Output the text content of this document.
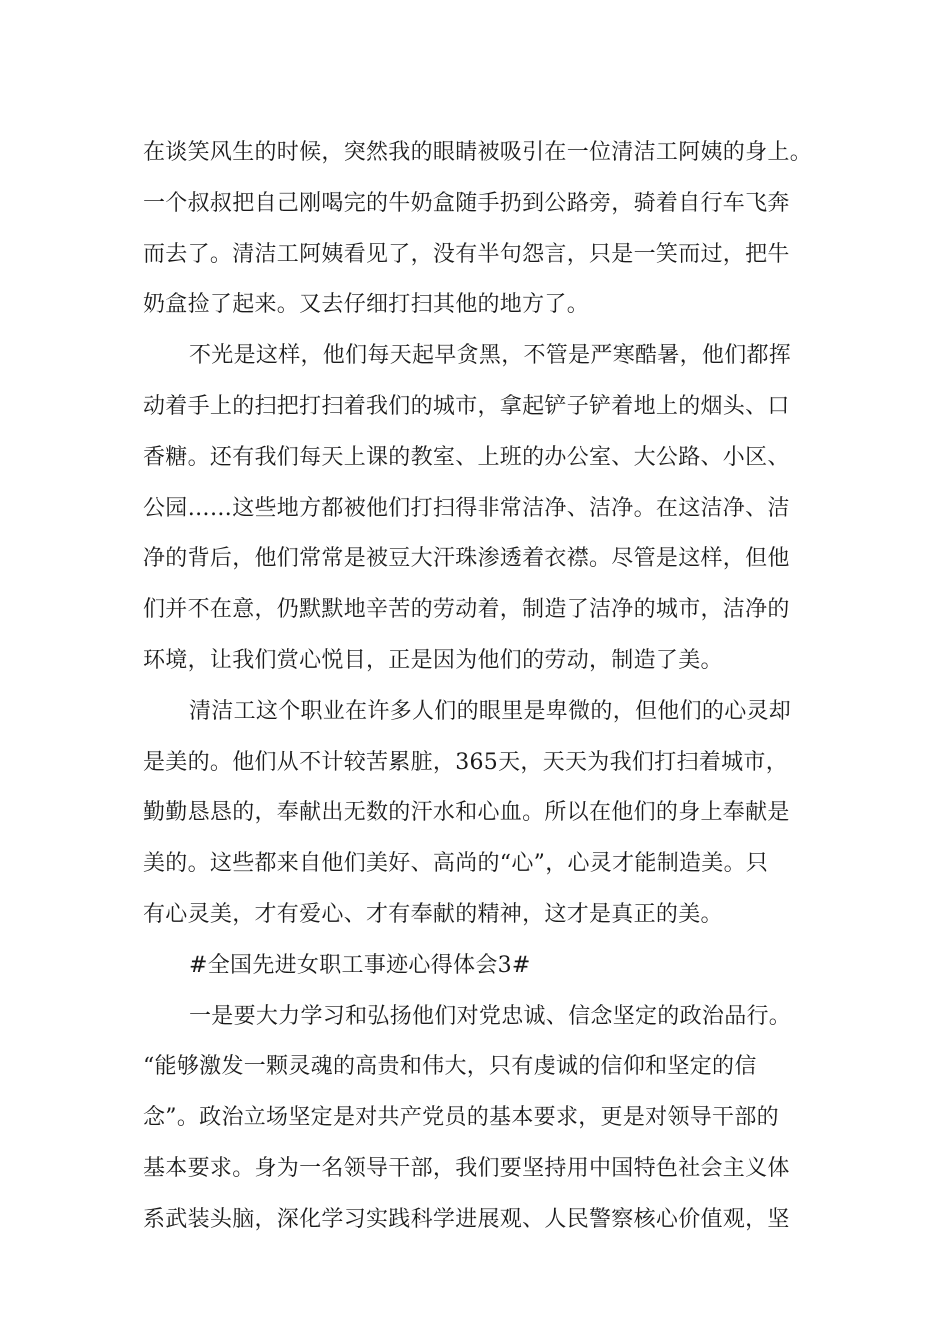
在谈笑风生的时候，突然我的眼睛被吸引在一位清洁工阿姨的身上。
一个叔叔把自己刚喝完的牛奶盒随手扔到公路旁，骑着自行车飞奔
而去了。清洁工阿姨看见了，没有半句怨言，只是一笑而过，把牛
奶盒捡了起来。又去仔细打扫其他的地方了。
不光是这样，他们每天起早贪黑，不管是严寒酷暑，他们都挥
动着手上的扫把打扫着我们的城市，拿起铲子铲着地上的烟头、口
香糖。还有我们每天上课的教室、上班的办公室、大公路、小区、
公园……这些地方都被他们打扫得非常洁净、洁净。在这洁净、洁
净的背后，他们常常是被豆大汗珠渗透着衣襟。尽管是这样，但他
们并不在意，仍默默地辛苦的劳动着，制造了洁净的城市，洁净的
环境，让我们赏心悦目，正是因为他们的劳动，制造了美。
清洁工这个职业在许多人们的眼里是卑微的，但他们的心灵却
是美的。他们从不计较苦累脏，365天，天天为我们打扫着城市，
勤勤恳恳的，奉献出无数的汗水和心血。所以在他们的身上奉献是
美的。这些都来自他们美好、高尚的“心”，心灵才能制造美。只
有心灵美，才有爱心、才有奉献的精神，这才是真正的美。
#全国先进女职工事迹心得体会3#
一是要大力学习和弘扬他们对党忠诚、信念坚定的政治品行。
“能够激发一颗灵魂的高贵和伟大，只有虔诚的信仰和坚定的信
念”。政治立场坚定是对共产党员的基本要求，更是对领导干部的
基本要求。身为一名领导干部，我们要坚持用中国特色社会主义体
系武装头脑，深化学习实践科学进展观、人民警察核心价值观，坚
